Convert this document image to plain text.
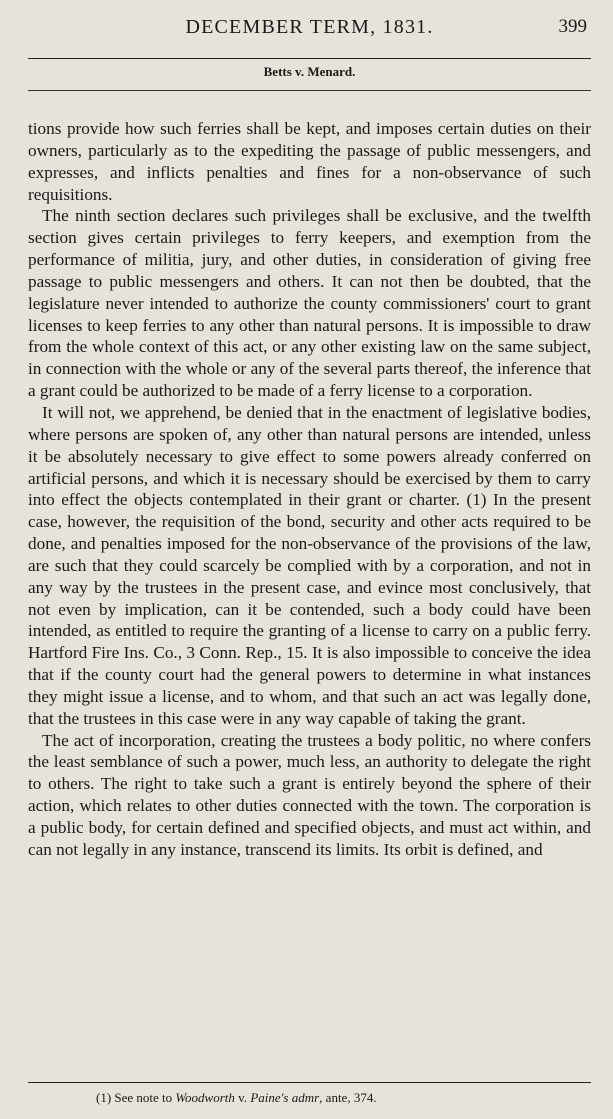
DECEMBER TERM, 1831.	399
Betts v. Menard.

tions provide how such ferries shall be kept, and imposes certain duties on their owners, particularly as to the expediting the passage of public messengers, and expresses, and inflicts penalties and fines for a non-observance of such requisitions.

The ninth section declares such privileges shall be exclusive, and the twelfth section gives certain privileges to ferry keepers, and exemption from the performance of militia, jury, and other duties, in consideration of giving free passage to public messengers and others. It can not then be doubted, that the legislature never intended to authorize the county commissioners' court to grant licenses to keep ferries to any other than natural persons. It is impossible to draw from the whole context of this act, or any other existing law on the same subject, in connection with the whole or any of the several parts thereof, the inference that a grant could be authorized to be made of a ferry license to a corporation.

It will not, we apprehend, be denied that in the enactment of legislative bodies, where persons are spoken of, any other than natural persons are intended, unless it be absolutely necessary to give effect to some powers already conferred on artificial persons, and which it is necessary should be exercised by them to carry into effect the objects contemplated in their grant or charter. (1) In the present case, however, the requisition of the bond, security and other acts required to be done, and penalties imposed for the non-observance of the provisions of the law, are such that they could scarcely be complied with by a corporation, and not in any way by the trustees in the present case, and evince most conclusively, that not even by implication, can it be contended, such a body could have been intended, as entitled to require the granting of a license to carry on a public ferry. Hartford Fire Ins. Co., 3 Conn. Rep., 15. It is also impossible to conceive the idea that if the county court had the general powers to determine in what instances they might issue a license, and to whom, and that such an act was legally done, that the trustees in this case were in any way capable of taking the grant.

The act of incorporation, creating the trustees a body politic, no where confers the least semblance of such a power, much less, an authority to delegate the right to others. The right to take such a grant is entirely beyond the sphere of their action, which relates to other duties connected with the town. The corporation is a public body, for certain defined and specified objects, and must act within, and can not legally in any instance, transcend its limits. Its orbit is defined, and

(1) See note to Woodworth v. Paine's admr, ante, 374.
